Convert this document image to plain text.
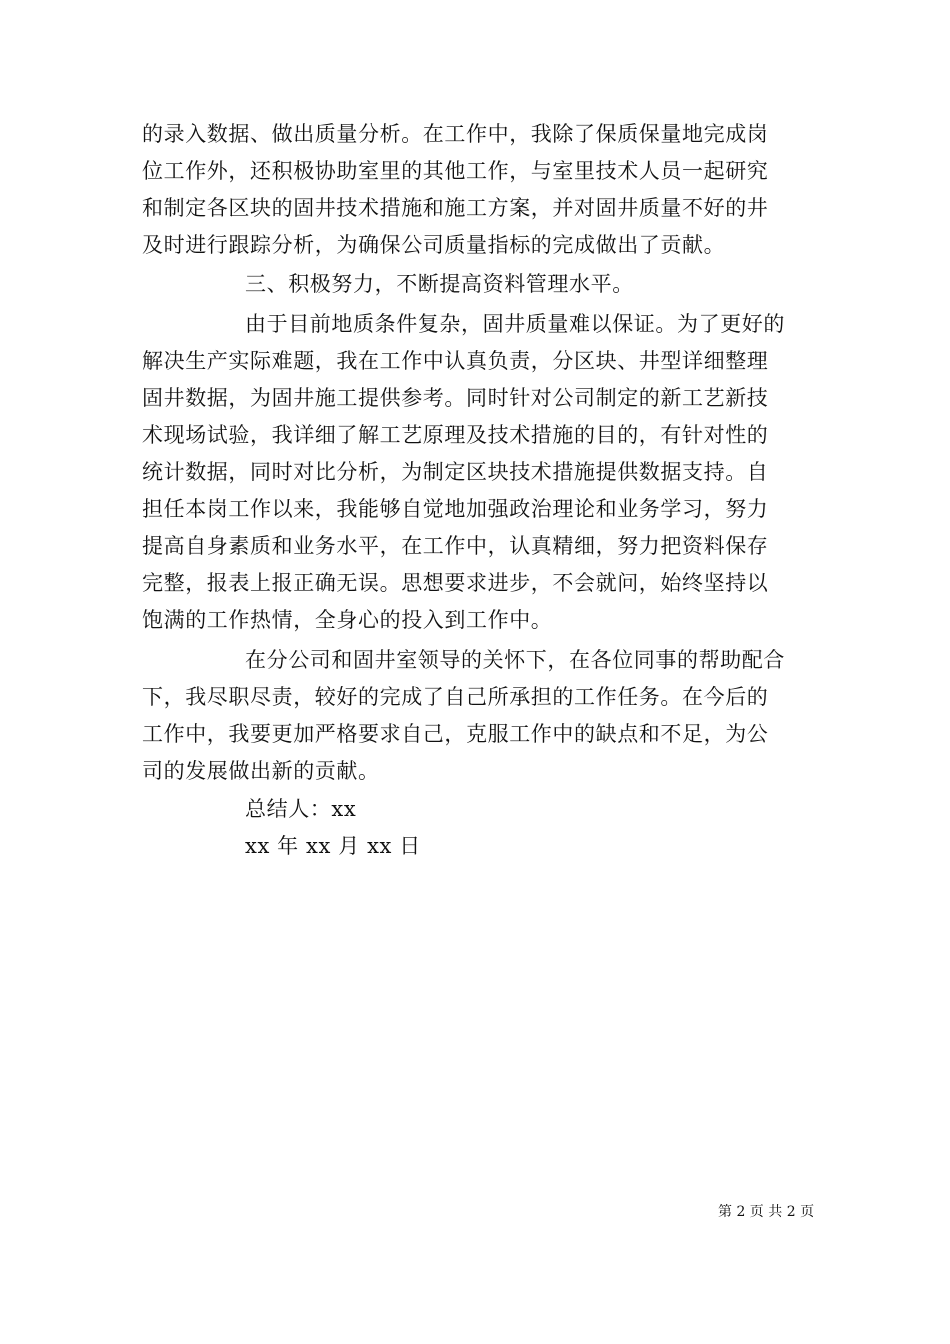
的录入数据、做出质量分析。在工作中，我除了保质保量地完成岗
位工作外，还积极协助室里的其他工作，与室里技术人员一起研究
和制定各区块的固井技术措施和施工方案，并对固井质量不好的井
及时进行跟踪分析，为确保公司质量指标的完成做出了贡献。
三、积极努力，不断提高资料管理水平。
由于目前地质条件复杂，固井质量难以保证。为了更好的
解决生产实际难题，我在工作中认真负责，分区块、井型详细整理
固井数据，为固井施工提供参考。同时针对公司制定的新工艺新技
术现场试验，我详细了解工艺原理及技术措施的目的，有针对性的
统计数据，同时对比分析，为制定区块技术措施提供数据支持。自
担任本岗工作以来，我能够自觉地加强政治理论和业务学习，努力
提高自身素质和业务水平，在工作中，认真精细，努力把资料保存
完整，报表上报正确无误。思想要求进步，不会就问，始终坚持以
饱满的工作热情，全身心的投入到工作中。
在分公司和固井室领导的关怀下，在各位同事的帮助配合
下，我尽职尽责，较好的完成了自己所承担的工作任务。在今后的
工作中，我要更加严格要求自己，克服工作中的缺点和不足，为公
司的发展做出新的贡献。
总结人：xx
xx 年 xx 月 xx 日
第 2 页 共 2 页
